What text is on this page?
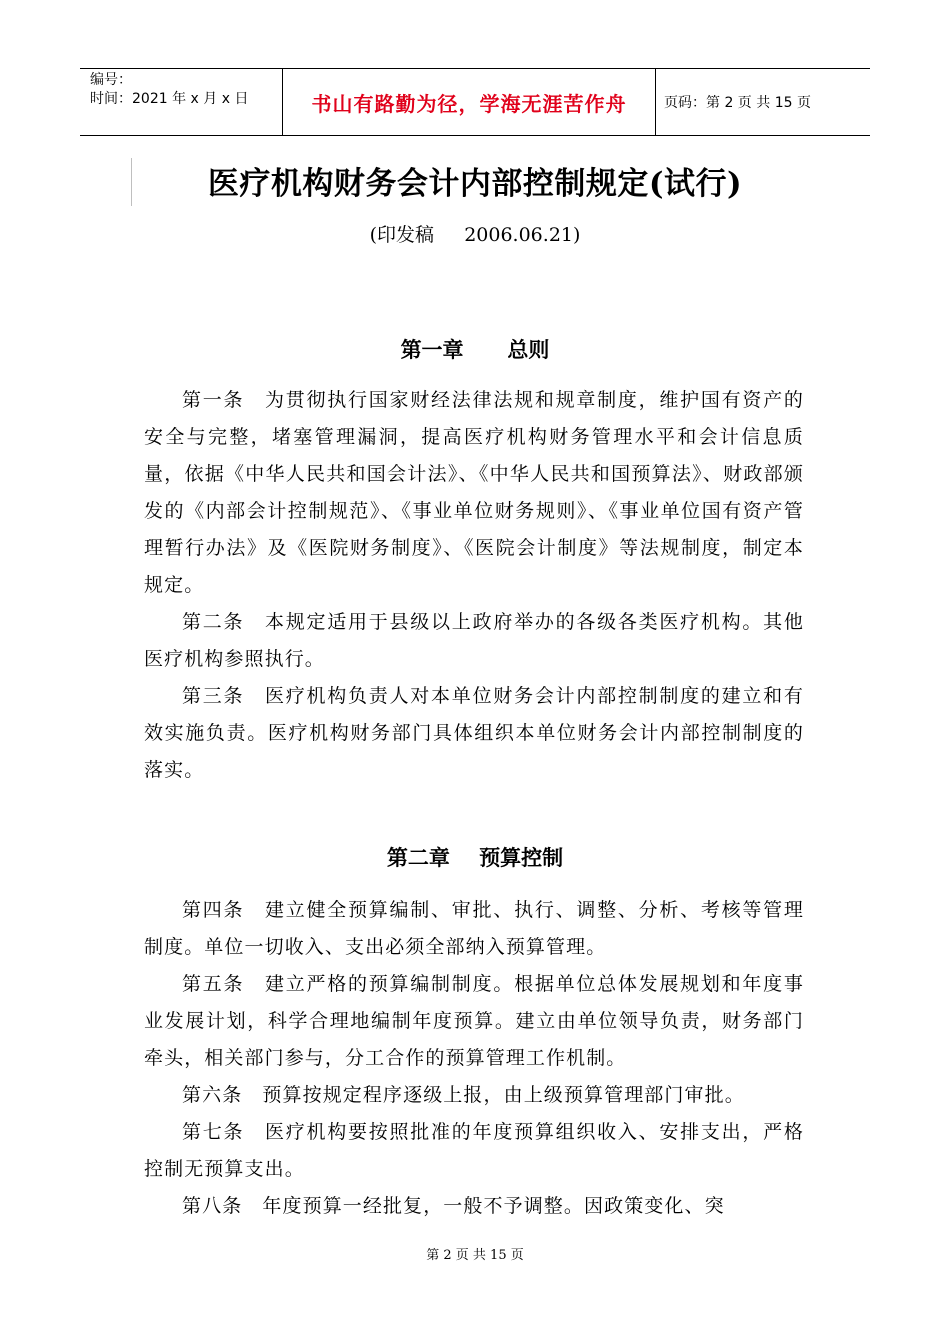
编号：
时间：2021 年 x 月 x 日	书山有路勤为径，学海无涯苦作舟	页码：第 2 页 共 15 页
医疗机构财务会计内部控制规定(试行)
(印发稿     2006.06.21)
第一章      总则

第一条　为贯彻执行国家财经法律法规和规章制度，维护国有资产的安全与完整，堵塞管理漏洞，提高医疗机构财务管理水平和会计信息质量，依据《中华人民共和国会计法》、《中华人民共和国预算法》、财政部颁发的《内部会计控制规范》、《事业单位财务规则》、《事业单位国有资产管理暂行办法》及《医院财务制度》、《医院会计制度》等法规制度，制定本规定。

第二条　本规定适用于县级以上政府举办的各级各类医疗机构。其他医疗机构参照执行。

第三条　医疗机构负责人对本单位财务会计内部控制制度的建立和有效实施负责。医疗机构财务部门具体组织本单位财务会计内部控制制度的落实。

第二章    预算控制

第四条　建立健全预算编制、审批、执行、调整、分析、考核等管理制度。单位一切收入、支出必须全部纳入预算管理。

第五条　建立严格的预算编制制度。根据单位总体发展规划和年度事业发展计划，科学合理地编制年度预算。建立由单位领导负责，财务部门牵头，相关部门参与，分工合作的预算管理工作机制。

第六条　预算按规定程序逐级上报，由上级预算管理部门审批。

第七条　医疗机构要按照批准的年度预算组织收入、安排支出，严格控制无预算支出。

第八条　年度预算一经批复，一般不予调整。因政策变化、突

第 2 页 共 15 页
